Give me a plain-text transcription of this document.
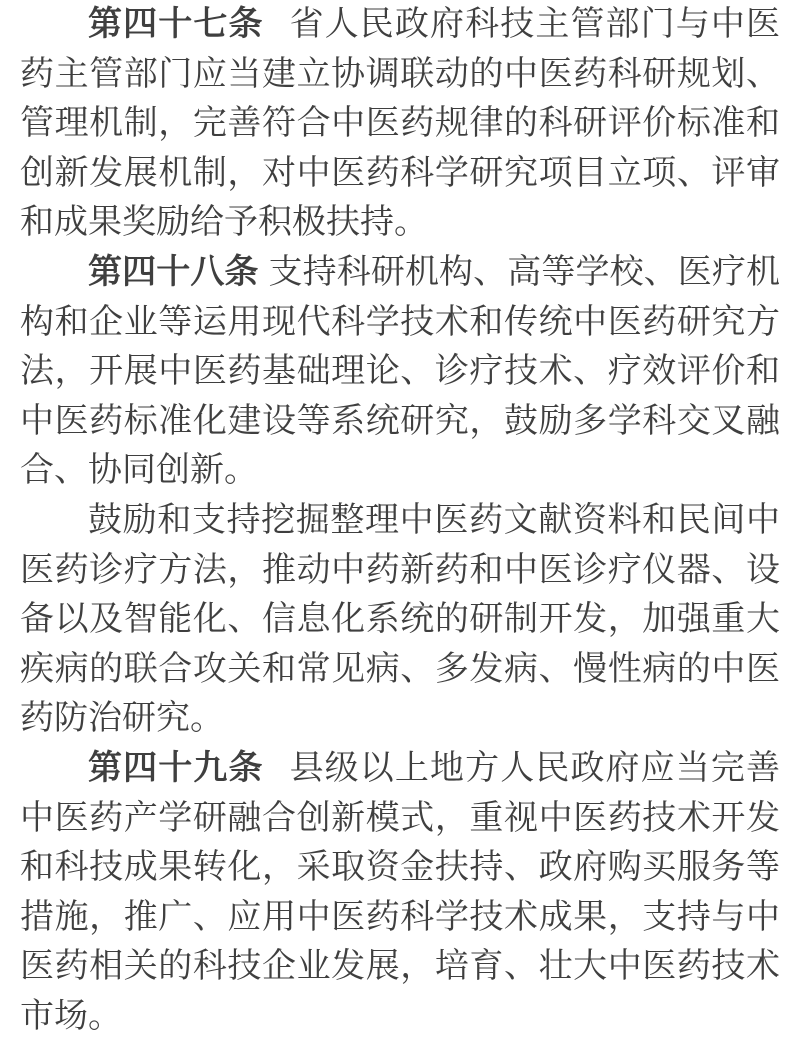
第四十七条 省人民政府科技主管部门与中医药主管部门应当建立协调联动的中医药科研规划、管理机制，完善符合中医药规律的科研评价标准和创新发展机制，对中医药科学研究项目立项、评审和成果奖励给予积极扶持。

第四十八条 支持科研机构、高等学校、医疗机构和企业等运用现代科学技术和传统中医药研究方法，开展中医药基础理论、诊疗技术、疗效评价和中医药标准化建设等系统研究，鼓励多学科交叉融合、协同创新。

鼓励和支持挖掘整理中医药文献资料和民间中医药诊疗方法，推动中药新药和中医诊疗仪器、设备以及智能化、信息化系统的研制开发，加强重大疾病的联合攻关和常见病、多发病、慢性病的中医药防治研究。

第四十九条 县级以上地方人民政府应当完善中医药产学研融合创新模式，重视中医药技术开发和科技成果转化，采取资金扶持、政府购买服务等措施，推广、应用中医药科学技术成果，支持与中医药相关的科技企业发展，培育、壮大中医药技术市场。
